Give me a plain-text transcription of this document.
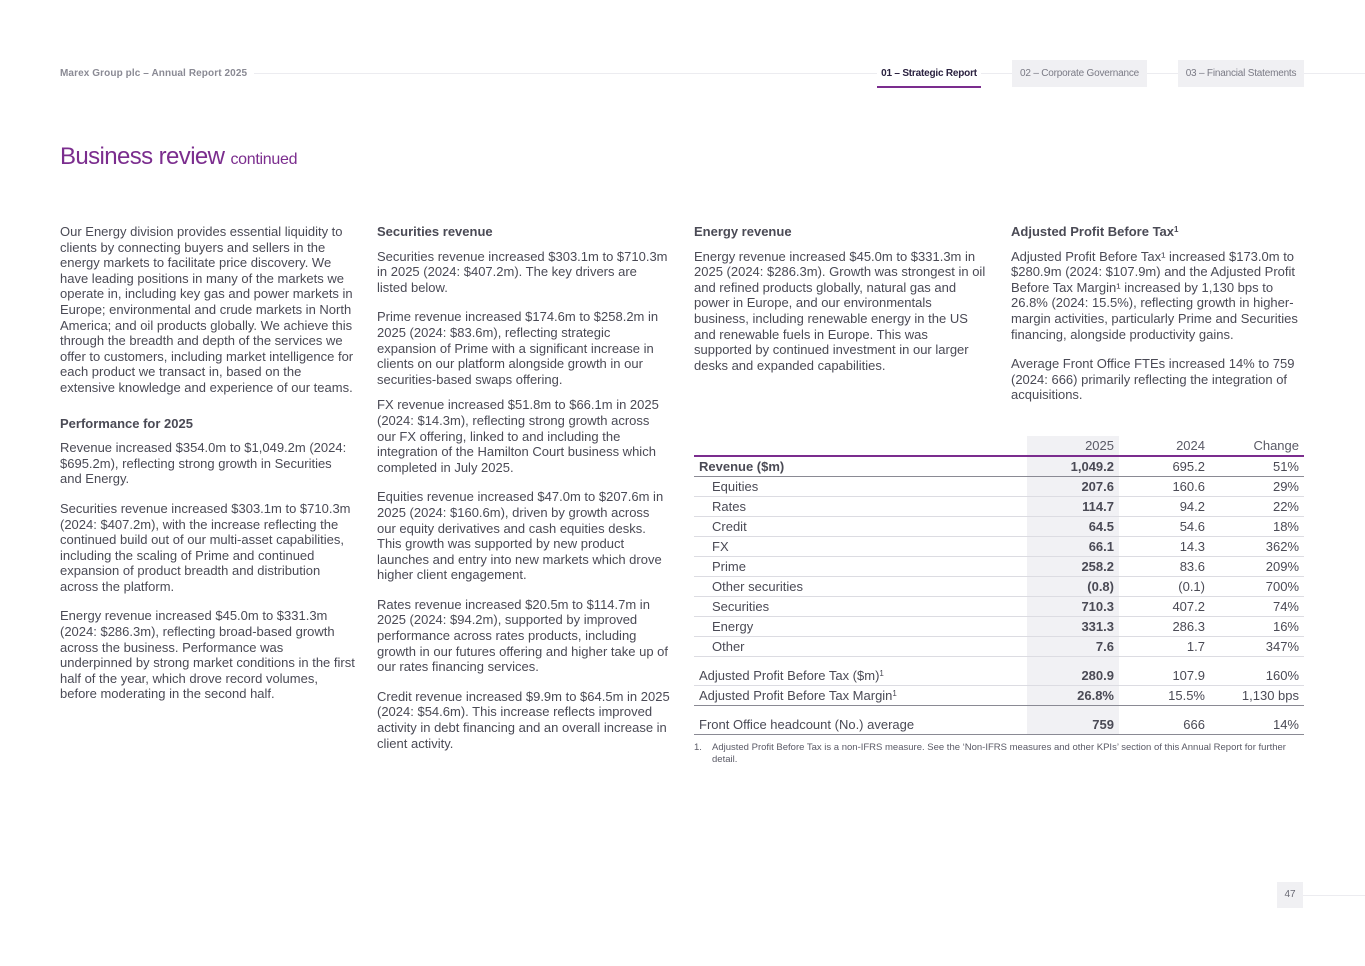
Marex Group plc – Annual Report 2025	01 – Strategic Report	02 – Corporate Governance	03 – Financial Statements
Business review continued

Our Energy division provides essential liquidity to clients by connecting buyers and sellers in the energy markets to facilitate price discovery. We have leading positions in many of the markets we operate in, including key gas and power markets in Europe; environmental and crude markets in North America; and oil products globally. We achieve this through the breadth and depth of the services we offer to customers, including market intelligence for each product we transact in, based on the extensive knowledge and experience of our teams.

Performance for 2025

Revenue increased $354.0m to $1,049.2m (2024: $695.2m), reflecting strong growth in Securities and Energy.

Securities revenue increased $303.1m to $710.3m (2024: $407.2m), with the increase reflecting the continued build out of our multi-asset capabilities, including the scaling of Prime and continued expansion of product breadth and distribution across the platform.

Energy revenue increased $45.0m to $331.3m (2024: $286.3m), reflecting broad-based growth across the business. Performance was underpinned by strong market conditions in the first half of the year, which drove record volumes, before moderating in the second half.

Securities revenue

Securities revenue increased $303.1m to $710.3m in 2025 (2024: $407.2m). The key drivers are listed below.

Prime revenue increased $174.6m to $258.2m in 2025 (2024: $83.6m), reflecting strategic expansion of Prime with a significant increase in clients on our platform alongside growth in our securities-based swaps offering.

FX revenue increased $51.8m to $66.1m in 2025 (2024: $14.3m), reflecting strong growth across our FX offering, linked to and including the integration of the Hamilton Court business which completed in July 2025.

Equities revenue increased $47.0m to $207.6m in 2025 (2024: $160.6m), driven by growth across our equity derivatives and cash equities desks. This growth was supported by new product launches and entry into new markets which drove higher client engagement.

Rates revenue increased $20.5m to $114.7m in 2025 (2024: $94.2m), supported by improved performance across rates products, including growth in our futures offering and higher take up of our rates financing services.

Credit revenue increased $9.9m to $64.5m in 2025 (2024: $54.6m). This increase reflects improved activity in debt financing and an overall increase in client activity.

Energy revenue

Energy revenue increased $45.0m to $331.3m in 2025 (2024: $286.3m). Growth was strongest in oil and refined products globally, natural gas and power in Europe, and our environmentals business, including renewable energy in the US and renewable fuels in Europe. This was supported by continued investment in our larger desks and expanded capabilities.

Adjusted Profit Before Tax$^1$

Adjusted Profit Before Tax¹ increased $173.0m to $280.9m (2024: $107.9m) and the Adjusted Profit Before Tax Margin¹ increased by 1,130 bps to 26.8% (2024: 15.5%), reflecting growth in higher-margin activities, particularly Prime and Securities financing, alongside productivity gains.

Average Front Office FTEs increased 14% to 759 (2024: 666) primarily reflecting the integration of acquisitions.

	2025	2024	Change
Revenue ($m)	1,049.2	695.2	51%
Equities	207.6	160.6	29%
Rates	114.7	94.2	22%
Credit	64.5	54.6	18%
FX	66.1	14.3	362%
Prime	258.2	83.6	209%
Other securities	(0.8)	(0.1)	700%
Securities	710.3	407.2	74%
Energy	331.3	286.3	16%
Other	7.6	1.7	347%

Adjusted Profit Before Tax ($m)$^1$	280.9	107.9	160%
Adjusted Profit Before Tax Margin$^1$	26.8%	15.5%	1,130 bps

Front Office headcount (No.) average	759	666	14%
1.	Adjusted Profit Before Tax is a non-IFRS measure. See the ‘Non-IFRS measures and other KPIs’ section of this Annual Report for further detail.
47
